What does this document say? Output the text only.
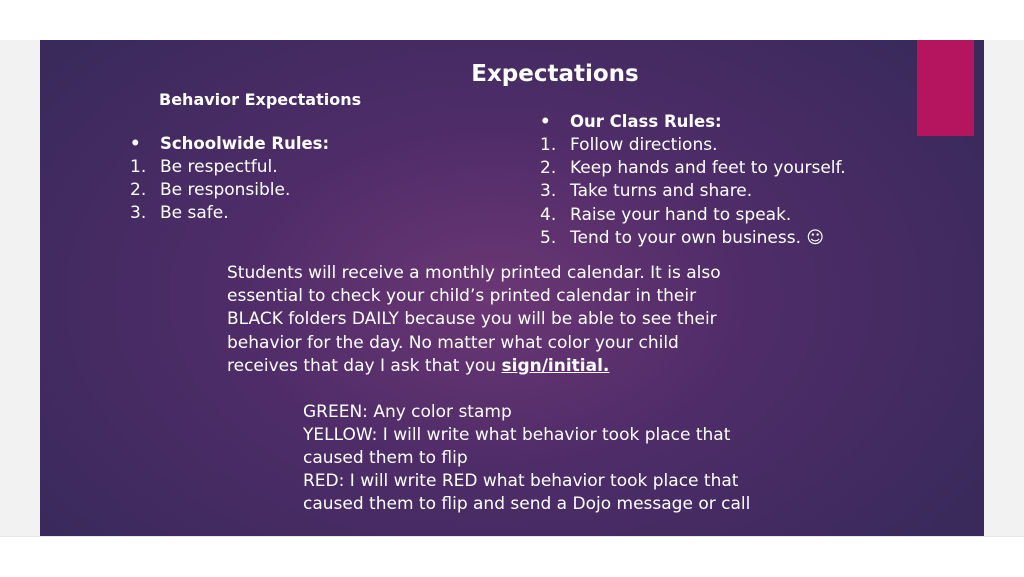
Expectations
Behavior Expectations
• Schoolwide Rules:
1. Be respectful.
2. Be responsible.
3. Be safe.
• Our Class Rules:
1. Follow directions.
2. Keep hands and feet to yourself.
3. Take turns and share.
4. Raise your hand to speak.
5. Tend to your own business. ☺
Students will receive a monthly printed calendar. It is also
essential to check your child’s printed calendar in their
BLACK folders DAILY because you will be able to see their
behavior for the day. No matter what color your child
receives that day I ask that you sign/initial.
GREEN: Any color stamp
YELLOW: I will write what behavior took place that
caused them to flip
RED: I will write RED what behavior took place that
caused them to flip and send a Dojo message or call
